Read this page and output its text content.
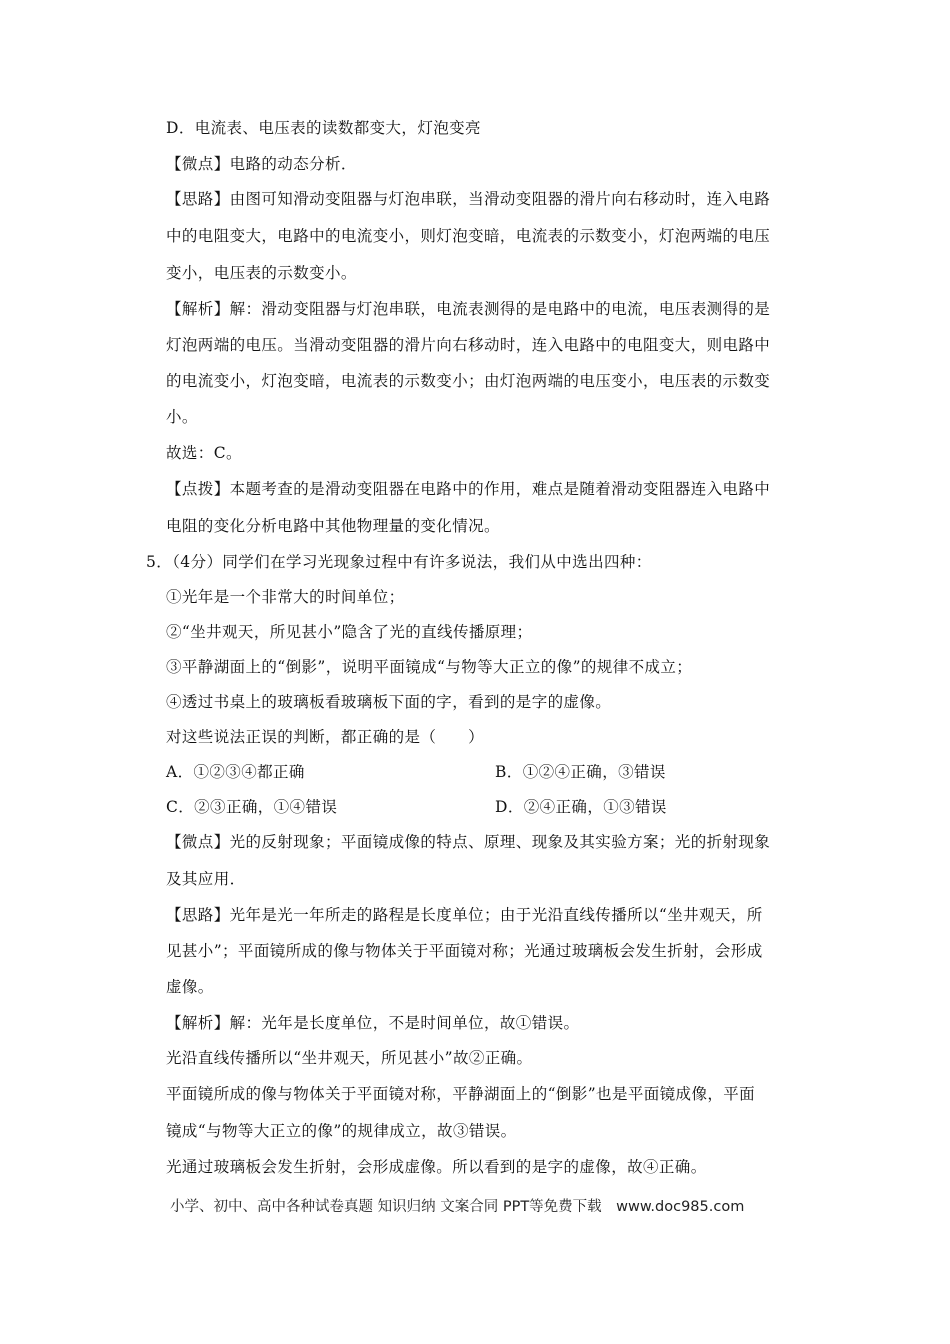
D．电流表、电压表的读数都变大，灯泡变亮
【微点】电路的动态分析．
【思路】由图可知滑动变阻器与灯泡串联，当滑动变阻器的滑片向右移动时，连入电路
中的电阻变大，电路中的电流变小，则灯泡变暗，电流表的示数变小，灯泡两端的电压
变小，电压表的示数变小。
【解析】解：滑动变阻器与灯泡串联，电流表测得的是电路中的电流，电压表测得的是
灯泡两端的电压。当滑动变阻器的滑片向右移动时，连入电路中的电阻变大，则电路中
的电流变小，灯泡变暗，电流表的示数变小；由灯泡两端的电压变小，电压表的示数变
小。
故选：C。
【点拨】本题考查的是滑动变阻器在电路中的作用，难点是随着滑动变阻器连入电路中
电阻的变化分析电路中其他物理量的变化情况。
5．（4分）同学们在学习光现象过程中有许多说法，我们从中选出四种：
①光年是一个非常大的时间单位；
②“坐井观天，所见甚小”隐含了光的直线传播原理；
③平静湖面上的“倒影”，说明平面镜成“与物等大正立的像”的规律不成立；
④透过书桌上的玻璃板看玻璃板下面的字，看到的是字的虚像。
对这些说法正误的判断，都正确的是（　　）
A．①②③④都正确	B．①②④正确，③错误
C．②③正确，①④错误	D．②④正确，①③错误
【微点】光的反射现象；平面镜成像的特点、原理、现象及其实验方案；光的折射现象
及其应用．
【思路】光年是光一年所走的路程是长度单位；由于光沿直线传播所以“坐井观天，所
见甚小”；平面镜所成的像与物体关于平面镜对称；光通过玻璃板会发生折射，会形成
虚像。
【解析】解：光年是长度单位，不是时间单位，故①错误。
光沿直线传播所以“坐井观天，所见甚小”故②正确。
平面镜所成的像与物体关于平面镜对称，平静湖面上的“倒影”也是平面镜成像，平面
镜成“与物等大正立的像”的规律成立，故③错误。
光通过玻璃板会发生折射，会形成虚像。所以看到的是字的虚像，故④正确。
小学、初中、高中各种试卷真题 知识归纳 文案合同 PPT等免费下载　www.doc985.com
